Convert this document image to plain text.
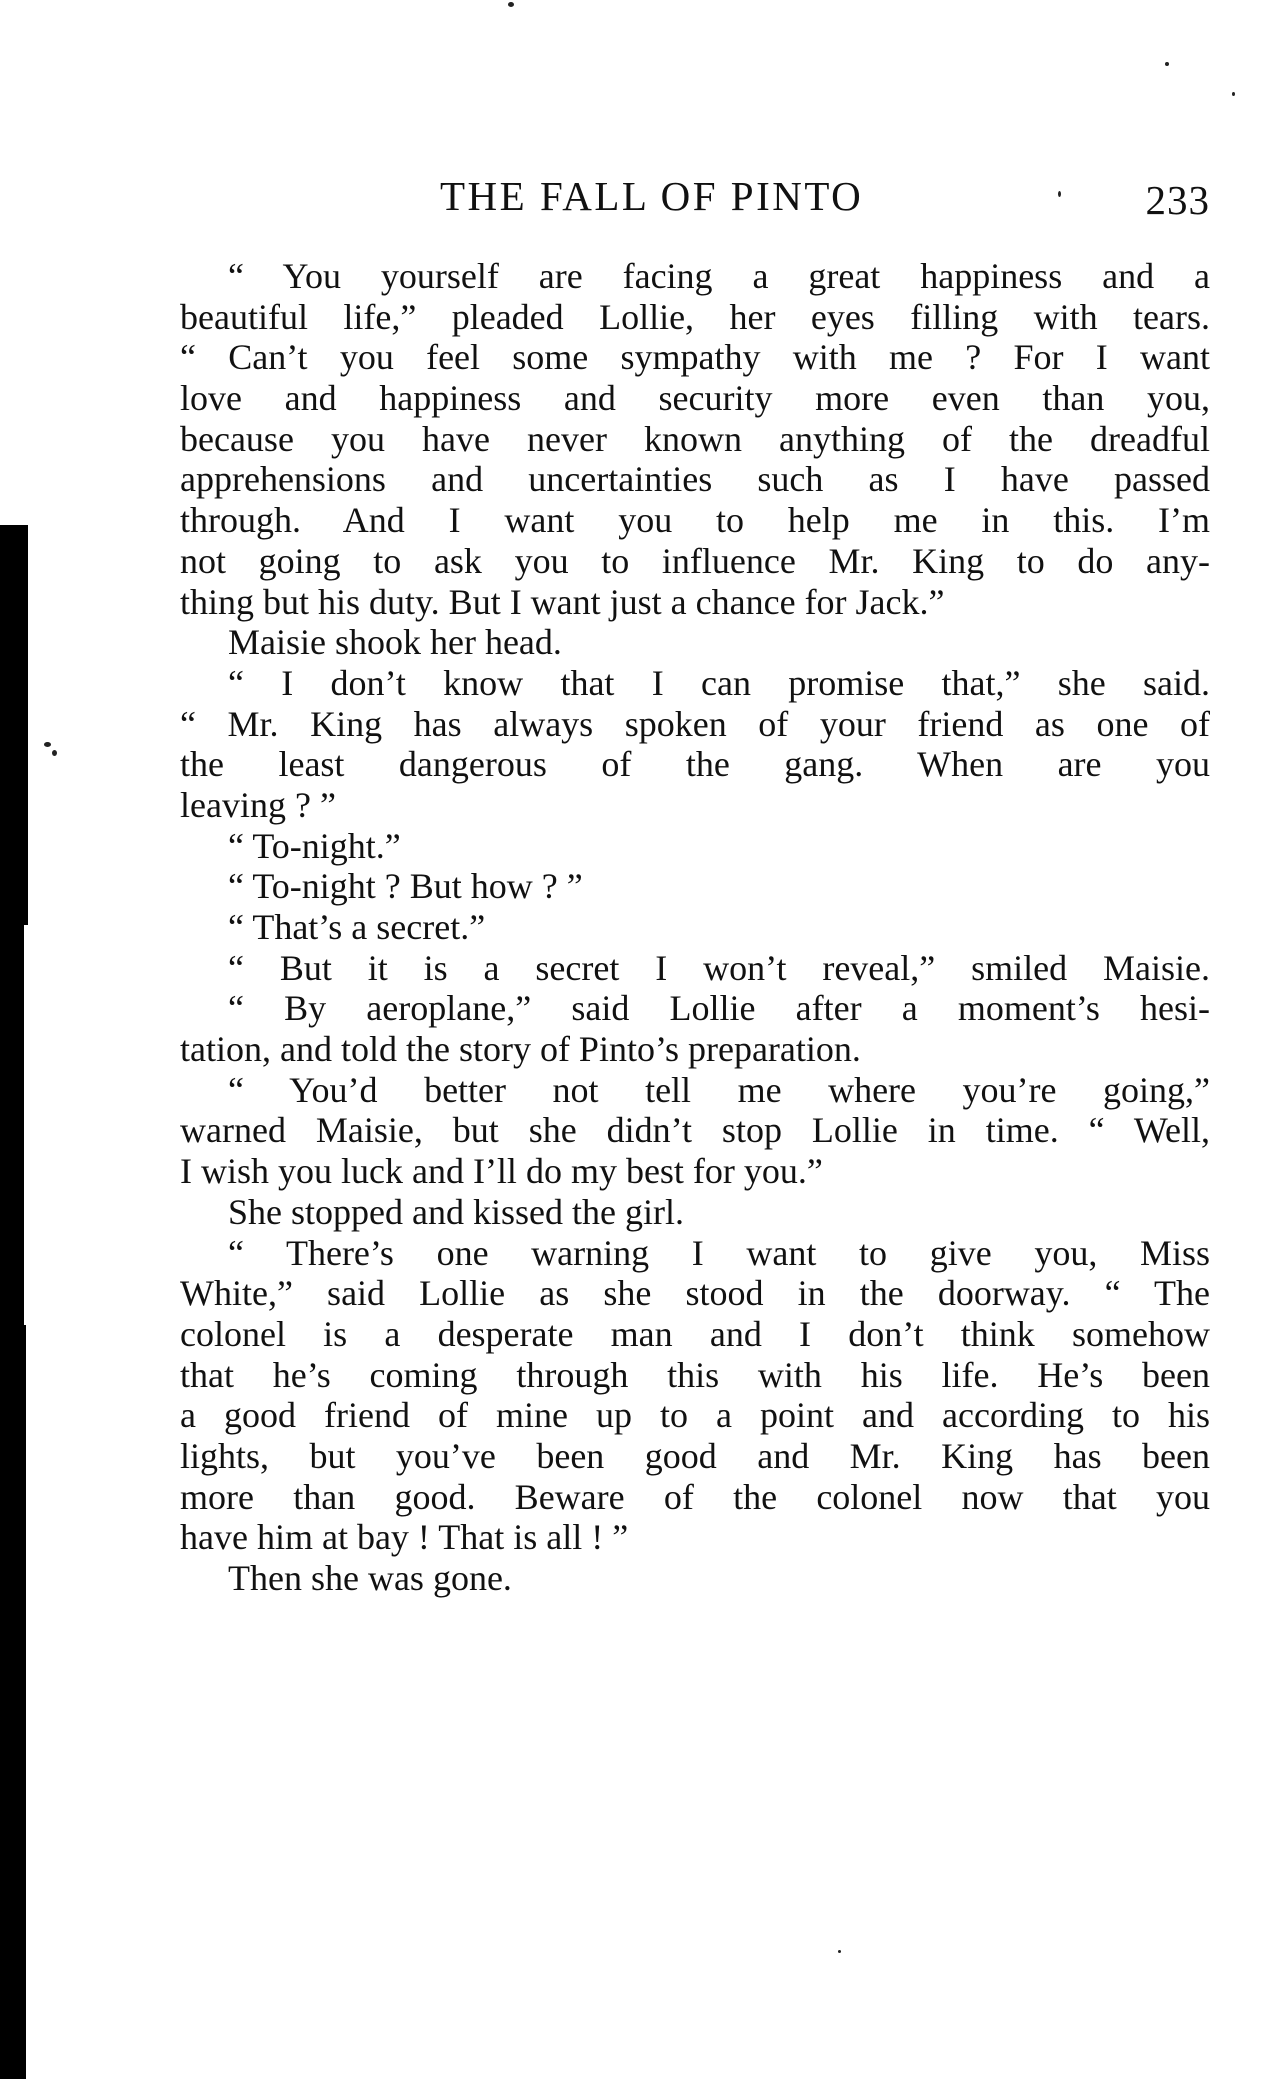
THE FALL OF PINTO	233
“ You yourself are facing a great happiness and a
beautiful life,” pleaded Lollie, her eyes filling with tears.
“ Can’t you feel some sympathy with me ? For I want
love and happiness and security more even than you,
because you have never known anything of the dreadful
apprehensions and uncertainties such as I have passed
through. And I want you to help me in this. I’m
not going to ask you to influence Mr. King to do any-
thing but his duty. But I want just a chance for Jack.”
Maisie shook her head.
“ I don’t know that I can promise that,” she said.
“ Mr. King has always spoken of your friend as one of
the least dangerous of the gang. When are you
leaving ? ”
“ To-night.”
“ To-night ? But how ? ”
“ That’s a secret.”
“ But it is a secret I won’t reveal,” smiled Maisie.
“ By aeroplane,” said Lollie after a moment’s hesi-
tation, and told the story of Pinto’s preparation.
“ You’d better not tell me where you’re going,”
warned Maisie, but she didn’t stop Lollie in time. “ Well,
I wish you luck and I’ll do my best for you.”
She stopped and kissed the girl.
“ There’s one warning I want to give you, Miss
White,” said Lollie as she stood in the doorway. “ The
colonel is a desperate man and I don’t think somehow
that he’s coming through this with his life. He’s been
a good friend of mine up to a point and according to his
lights, but you’ve been good and Mr. King has been
more than good. Beware of the colonel now that you
have him at bay ! That is all ! ”
Then she was gone.
